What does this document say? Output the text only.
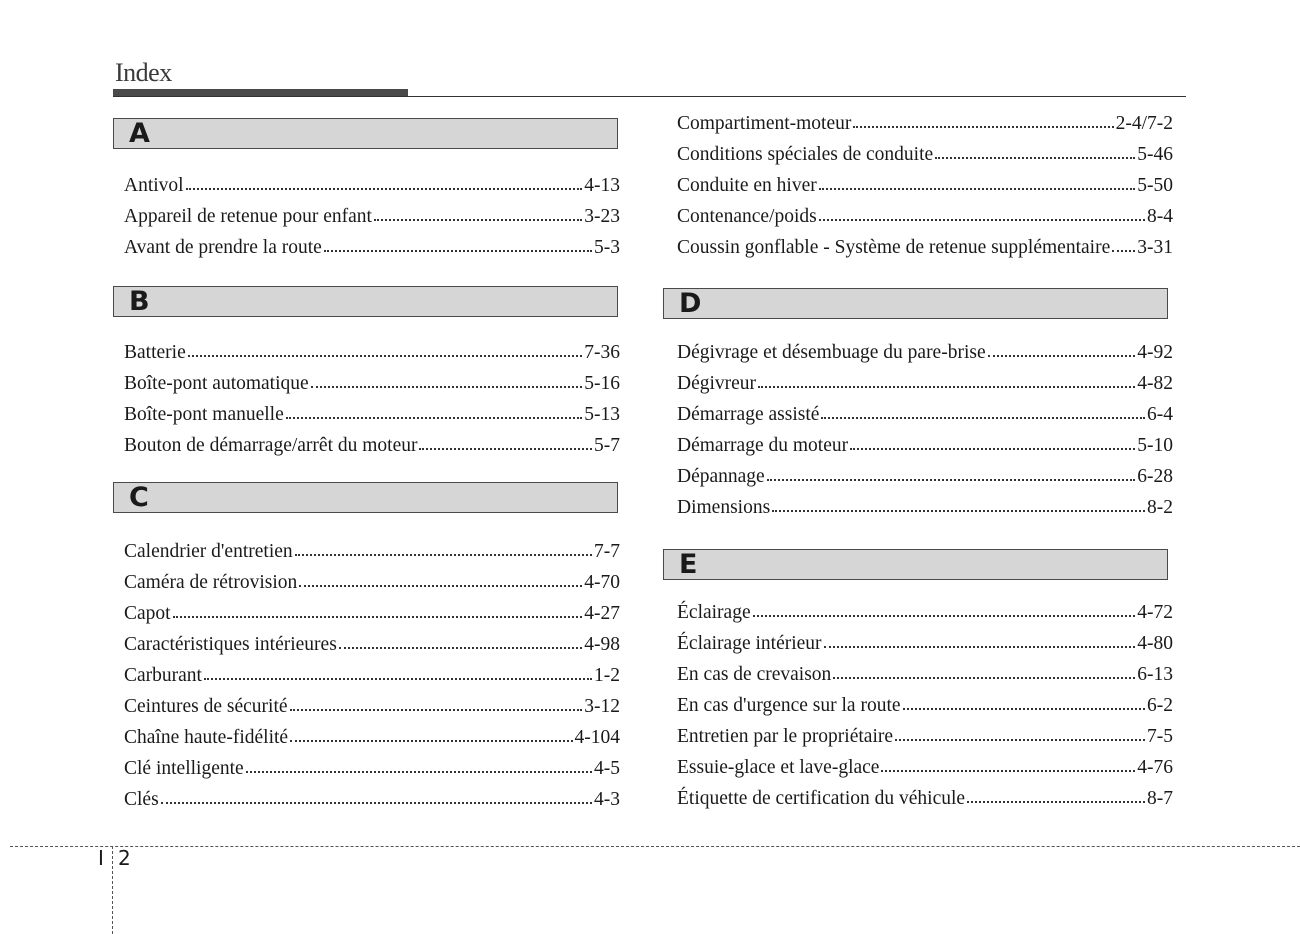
Index
A
Antivol	4-13
Appareil de retenue pour enfant	3-23
Avant de prendre la route	5-3
B
Batterie	7-36
Boîte-pont automatique	5-16
Boîte-pont manuelle	5-13
Bouton de démarrage/arrêt du moteur	5-7
C
Calendrier d'entretien	7-7
Caméra de rétrovision	4-70
Capot	4-27
Caractéristiques intérieures	4-98
Carburant	1-2
Ceintures de sécurité	3-12
Chaîne haute-fidélité	4-104
Clé intelligente	4-5
Clés	4-3
Compartiment-moteur	2-4/7-2
Conditions spéciales de conduite	5-46
Conduite en hiver	5-50
Contenance/poids	8-4
Coussin gonflable - Système de retenue supplémentaire 3-31
D
Dégivrage et désembuage du pare-brise	4-92
Dégivreur	4-82
Démarrage assisté	6-4
Démarrage du moteur	5-10
Dépannage	6-28
Dimensions	8-2
E
Éclairage	4-72
Éclairage intérieur	4-80
En cas de crevaison	6-13
En cas d'urgence sur la route	6-2
Entretien par le propriétaire	7-5
Essuie-glace et lave-glace	4-76
Étiquette de certification du véhicule	8-7
I 2
